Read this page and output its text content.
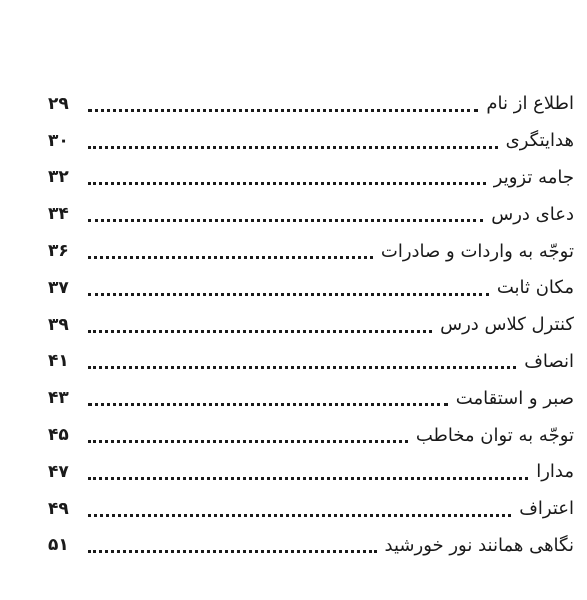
اطلاع از نام
۲۹
هدایتگری
۳۰
جامه تزویر
۳۲
دعای درس
۳۴
توجّه به واردات و صادرات
۳۶
مکان ثابت
۳۷
کنترل کلاس درس
۳۹
انصاف
۴۱
صبر و استقامت
۴۳
توجّه به توان مخاطب
۴۵
مدارا
۴۷
اعتراف
۴۹
نگاهی همانند نور خورشید
۵۱
